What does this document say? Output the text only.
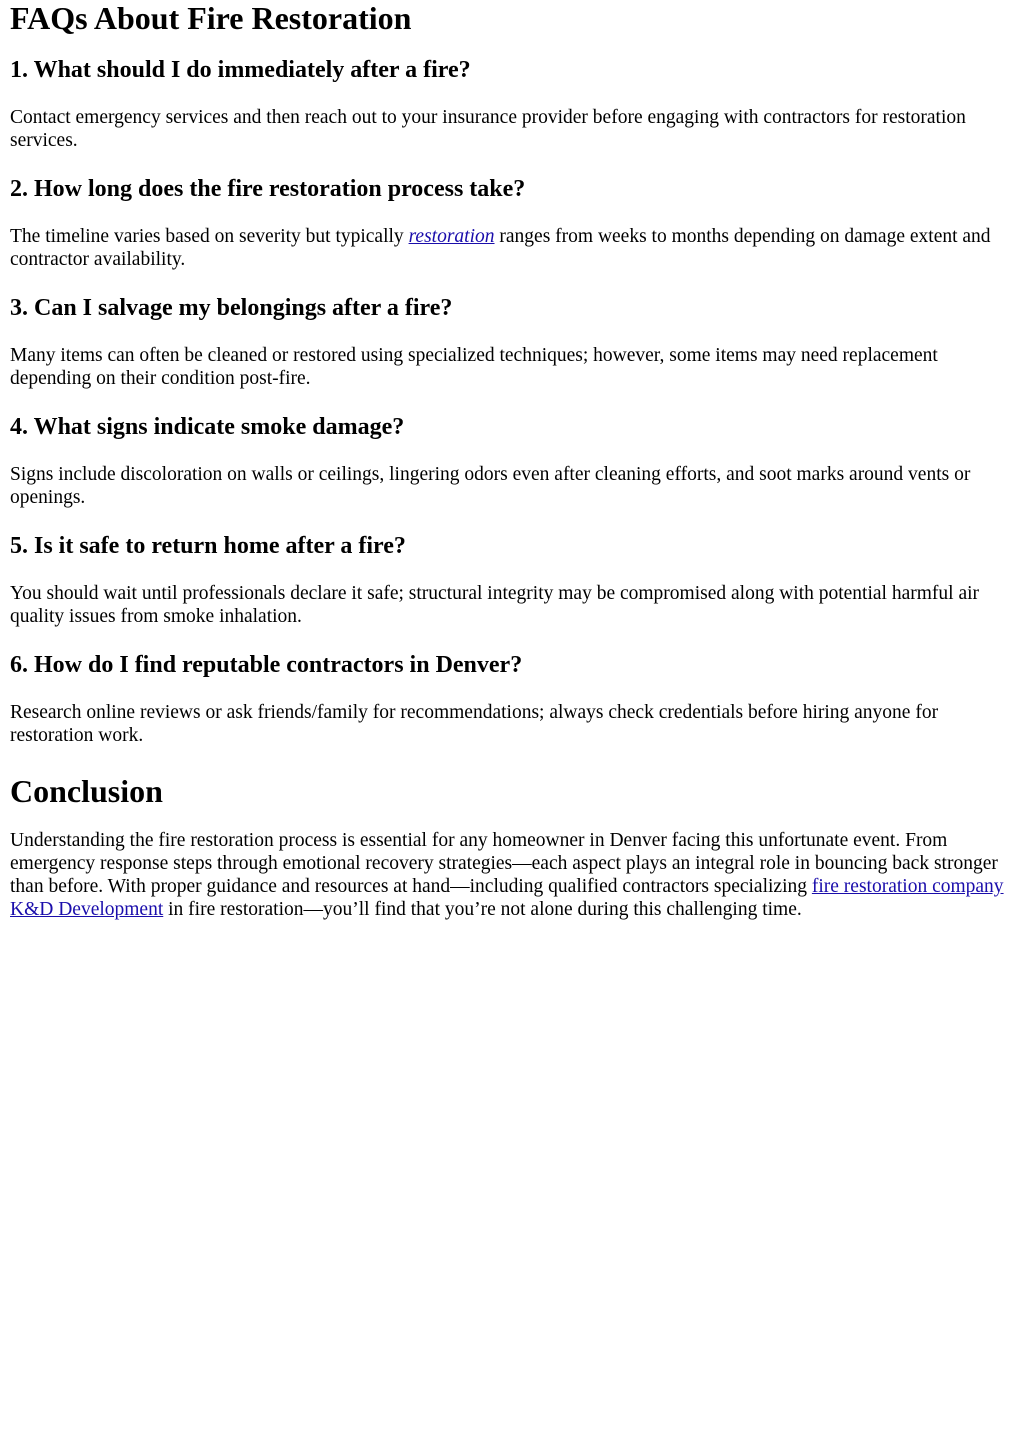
FAQs About Fire Restoration
1. What should I do immediately after a fire?

Contact emergency services and then reach out to your insurance provider before engaging with contractors for restoration services.

2. How long does the fire restoration process take?

The timeline varies based on severity but typically restoration ranges from weeks to months depending on damage extent and contractor availability.

3. Can I salvage my belongings after a fire?

Many items can often be cleaned or restored using specialized techniques; however, some items may need replacement depending on their condition post-fire.

4. What signs indicate smoke damage?

Signs include discoloration on walls or ceilings, lingering odors even after cleaning efforts, and soot marks around vents or openings.

5. Is it safe to return home after a fire?

You should wait until professionals declare it safe; structural integrity may be compromised along with potential harmful air quality issues from smoke inhalation.

6. How do I find reputable contractors in Denver?

Research online reviews or ask friends/family for recommendations; always check credentials before hiring anyone for restoration work.

Conclusion

Understanding the fire restoration process is essential for any homeowner in Denver facing this unfortunate event. From emergency response steps through emotional recovery strategies—each aspect plays an integral role in bouncing back stronger than before. With proper guidance and resources at hand—including qualified contractors specializing fire restoration company K&D Development in fire restoration—you’ll find that you’re not alone during this challenging time.
